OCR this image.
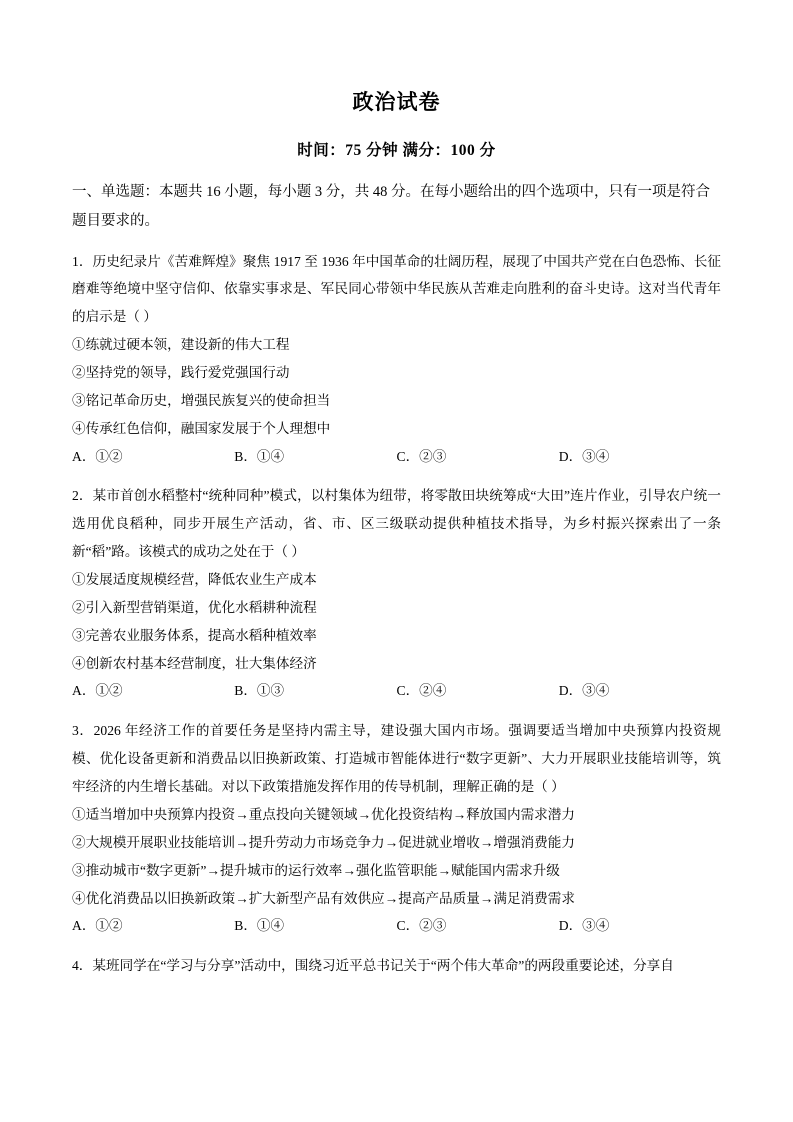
政治试卷
时间：75 分钟 满分：100 分
一、单选题：本题共 16 小题，每小题 3 分，共 48 分。在每小题给出的四个选项中，只有一项是符合题目要求的。
1．历史纪录片《苦难辉煌》聚焦 1917 至 1936 年中国革命的壮阔历程，展现了中国共产党在白色恐怖、长征磨难等绝境中坚守信仰、依靠实事求是、军民同心带领中华民族从苦难走向胜利的奋斗史诗。这对当代青年的启示是（ ）
①练就过硬本领，建设新的伟大工程
②坚持党的领导，践行爱党强国行动
③铭记革命历史，增强民族复兴的使命担当
④传承红色信仰，融国家发展于个人理想中
A．①②	B．①④	C．②③	D．③④
2．某市首创水稻整村“统种同种”模式，以村集体为纽带，将零散田块统筹成“大田”连片作业，引导农户统一选用优良稻种，同步开展生产活动，省、市、区三级联动提供种植技术指导，为乡村振兴探索出了一条新“稻”路。该模式的成功之处在于（ ）
①发展适度规模经营，降低农业生产成本
②引入新型营销渠道，优化水稻耕种流程
③完善农业服务体系，提高水稻种植效率
④创新农村基本经营制度，壮大集体经济
A．①②	B．①③	C．②④	D．③④
3．2026 年经济工作的首要任务是坚持内需主导，建设强大国内市场。强调要适当增加中央预算内投资规模、优化设备更新和消费品以旧换新政策、打造城市智能体进行“数字更新”、大力开展职业技能培训等，筑牢经济的内生增长基础。对以下政策措施发挥作用的传导机制，理解正确的是（ ）
①适当增加中央预算内投资→重点投向关键领域→优化投资结构→释放国内需求潜力
②大规模开展职业技能培训→提升劳动力市场竞争力→促进就业增收→增强消费能力
③推动城市“数字更新”→提升城市的运行效率→强化监管职能→赋能国内需求升级
④优化消费品以旧换新政策→扩大新型产品有效供应→提高产品质量→满足消费需求
A．①②	B．①④	C．②③	D．③④
4．某班同学在“学习与分享”活动中，围绕习近平总书记关于“两个伟大革命”的两段重要论述，分享自
